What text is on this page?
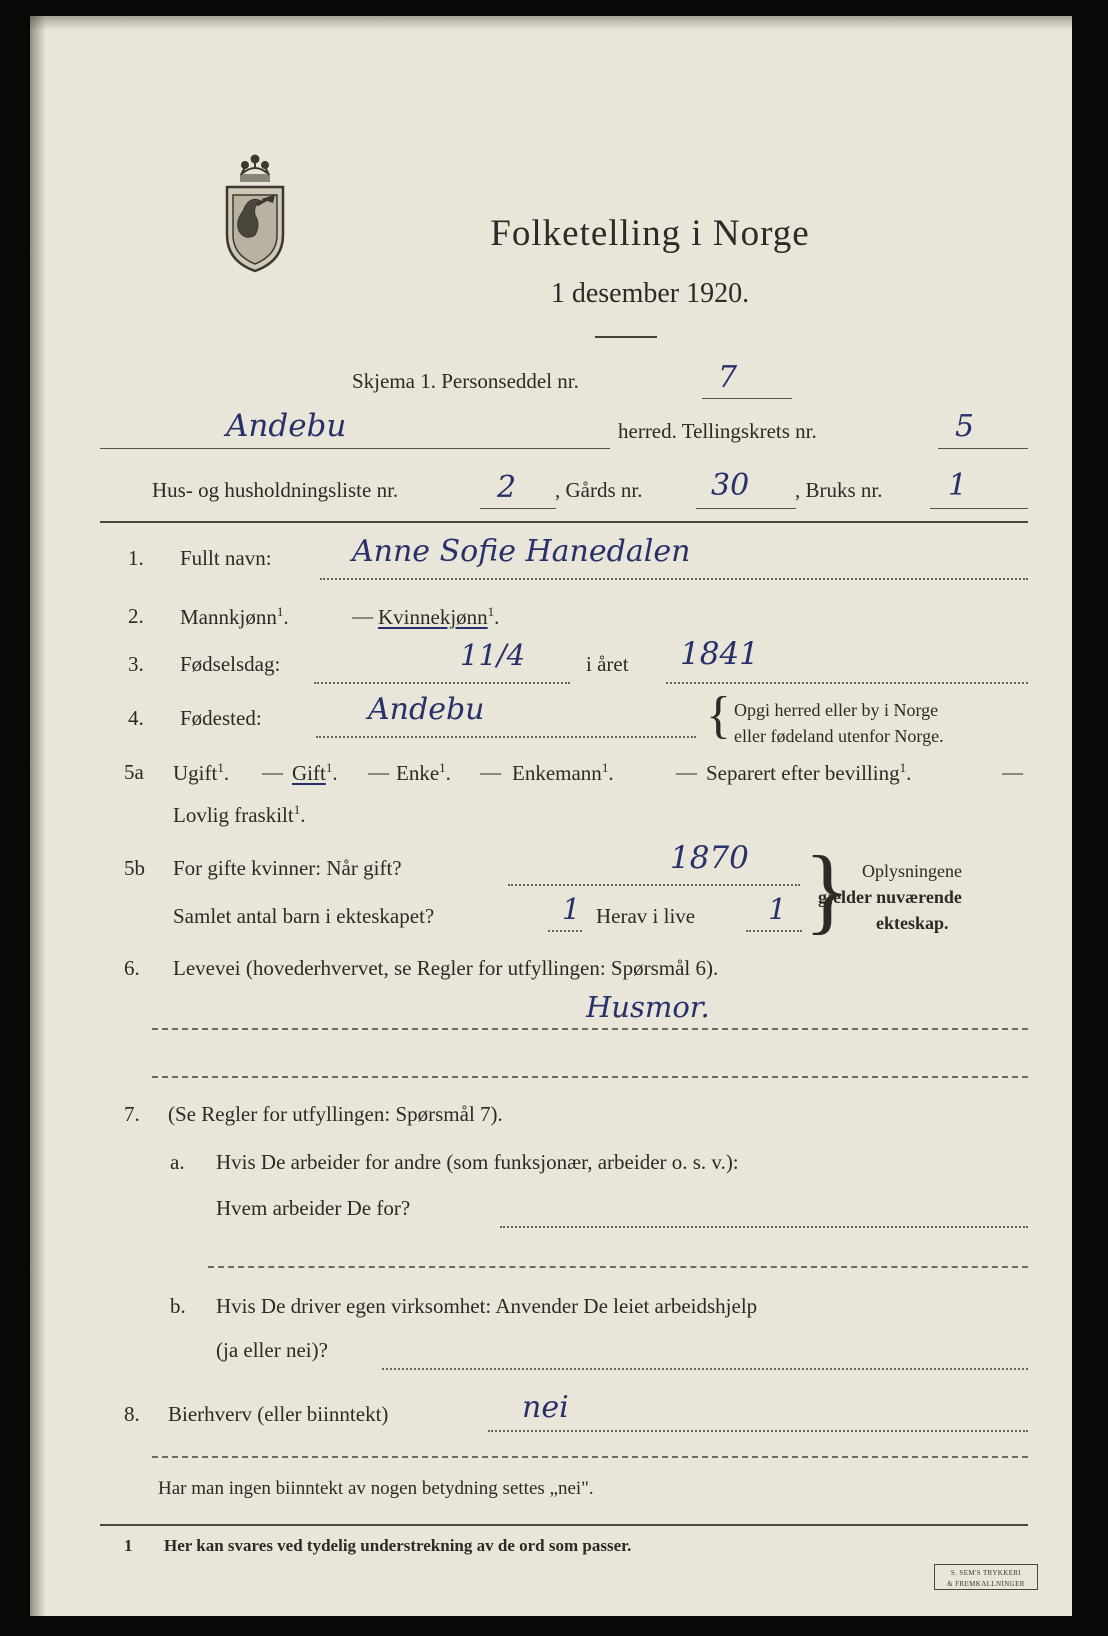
Folketelling i Norge
1 desember 1920.
Skjema 1. Personseddel nr.	7
Andebu	herred. Tellingskrets nr.	5
Hus- og husholdningsliste nr.	2 , Gårds nr. 30 , Bruks nr. 1
1. Fullt navn:	Anne Sofie Hanedalen
2. Mannkjønn$^1$.	— Kvinnekjønn$^1$.
3. Fødselsdag:	11/4	i året 1841
4. Fødested:	Andebu	{ Opgi herred eller by i Norge
eller fødeland utenfor Norge.
5a Ugift$^1$. — Gift$^1$. — Enke$^1$. — Enkemann$^1$.	— Separert efter bevilling$^1$.	—
Lovlig fraskilt$^1$.
5b For gifte kvinner: Når gift?	1870
Samlet antal barn i ekteskapet?	1 Herav i live	1 } Oplysningene
gjelder nuværende
ekteskap.
6. Levevei (hovederhvervet, se Regler for utfyllingen: Spørsmål 6).
Husmor.
7. (Se Regler for utfyllingen: Spørsmål 7).
a. Hvis De arbeider for andre (som funksjonær, arbeider o. s. v.):
Hvem arbeider De for?
b. Hvis De driver egen virksomhet: Anvender De leiet arbeidshjelp
(ja eller nei)?
8. Bierhverv (eller biinntekt)	nei
Har man ingen biinntekt av nogen betydning settes „nei".
1 Her kan svares ved tydelig understrekning av de ord som passer.
S. SEM'S TRYKKERI
& FREMKALLNINGER
